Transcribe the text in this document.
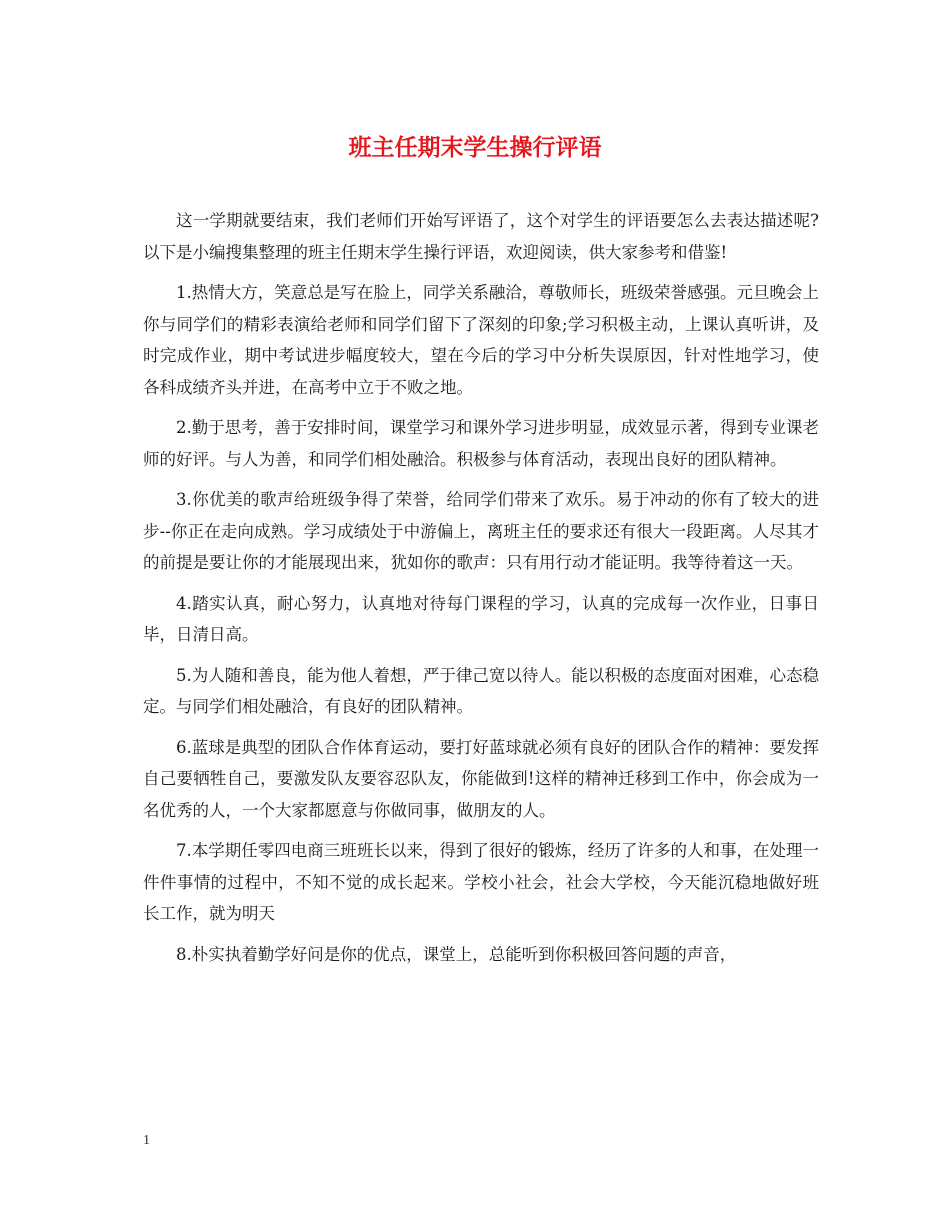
班主任期末学生操行评语

这一学期就要结束，我们老师们开始写评语了，这个对学生的评语要怎么去表达描述呢?以下是小编搜集整理的班主任期末学生操行评语，欢迎阅读，供大家参考和借鉴!

1.热情大方，笑意总是写在脸上，同学关系融洽，尊敬师长，班级荣誉感强。元旦晚会上你与同学们的精彩表演给老师和同学们留下了深刻的印象;学习积极主动，上课认真听讲，及时完成作业，期中考试进步幅度较大，望在今后的学习中分析失误原因，针对性地学习，使各科成绩齐头并进，在高考中立于不败之地。

2.勤于思考，善于安排时间，课堂学习和课外学习进步明显，成效显示著，得到专业课老师的好评。与人为善，和同学们相处融洽。积极参与体育活动，表现出良好的团队精神。

3.你优美的歌声给班级争得了荣誉，给同学们带来了欢乐。易于冲动的你有了较大的进步--你正在走向成熟。学习成绩处于中游偏上，离班主任的要求还有很大一段距离。人尽其才的前提是要让你的才能展现出来，犹如你的歌声：只有用行动才能证明。我等待着这一天。

4.踏实认真，耐心努力，认真地对待每门课程的学习，认真的完成每一次作业，日事日毕，日清日高。

5.为人随和善良，能为他人着想，严于律己宽以待人。能以积极的态度面对困难，心态稳定。与同学们相处融洽，有良好的团队精神。

6.蓝球是典型的团队合作体育运动，要打好蓝球就必须有良好的团队合作的精神：要发挥自己要牺牲自己，要激发队友要容忍队友，你能做到!这样的精神迁移到工作中，你会成为一名优秀的人，一个大家都愿意与你做同事，做朋友的人。

7.本学期任零四电商三班班长以来，得到了很好的锻炼，经历了许多的人和事，在处理一件件事情的过程中，不知不觉的成长起来。学校小社会，社会大学校，今天能沉稳地做好班长工作，就为明天

8.朴实执着勤学好问是你的优点，课堂上，总能听到你积极回答问题的声音，

1
